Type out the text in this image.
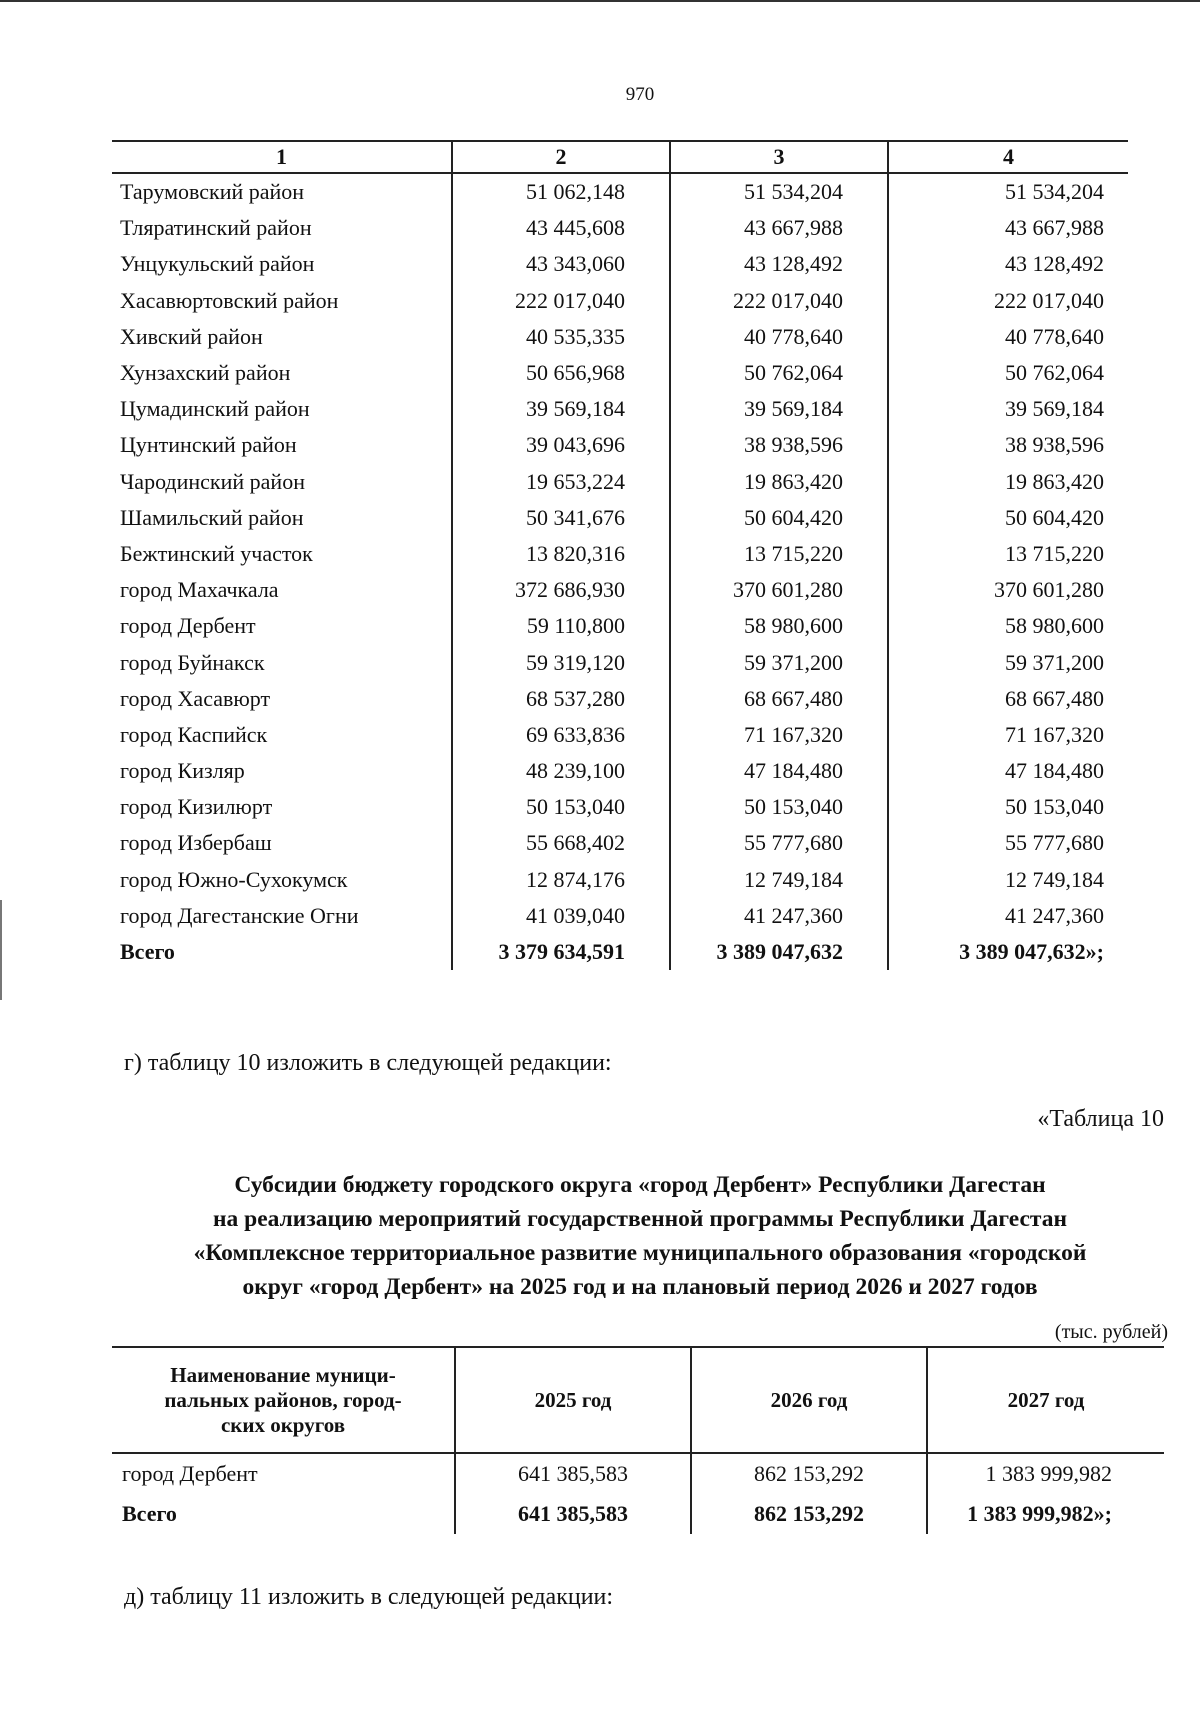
970
1	2	3	4
Тарумовский район	51 062,148	51 534,204	51 534,204
Тляратинский район	43 445,608	43 667,988	43 667,988
Унцукульский район	43 343,060	43 128,492	43 128,492
Хасавюртовский район	222 017,040	222 017,040	222 017,040
Хивский район	40 535,335	40 778,640	40 778,640
Хунзахский район	50 656,968	50 762,064	50 762,064
Цумадинский район	39 569,184	39 569,184	39 569,184
Цунтинский район	39 043,696	38 938,596	38 938,596
Чародинский район	19 653,224	19 863,420	19 863,420
Шамильский район	50 341,676	50 604,420	50 604,420
Бежтинский участок	13 820,316	13 715,220	13 715,220
город Махачкала	372 686,930	370 601,280	370 601,280
город Дербент	59 110,800	58 980,600	58 980,600
город Буйнакск	59 319,120	59 371,200	59 371,200
город Хасавюрт	68 537,280	68 667,480	68 667,480
город Каспийск	69 633,836	71 167,320	71 167,320
город Кизляр	48 239,100	47 184,480	47 184,480
город Кизилюрт	50 153,040	50 153,040	50 153,040
город Избербаш	55 668,402	55 777,680	55 777,680
город Южно-Сухокумск	12 874,176	12 749,184	12 749,184
город Дагестанские Огни	41 039,040	41 247,360	41 247,360
Всего	3 379 634,591	3 389 047,632	3 389 047,632»;
г) таблицу 10 изложить в следующей редакции:
«Таблица 10
Субсидии бюджету городского округа «город Дербент» Республики Дагестан
на реализацию мероприятий государственной программы Республики Дагестан
«Комплексное территориальное развитие муниципального образования «городской
округ «город Дербент» на 2025 год и на плановый период 2026 и 2027 годов
(тыс. рублей)
Наименование муници-
пальных районов, город-
ских округов	2025 год	2026 год	2027 год
город Дербент	641 385,583	862 153,292	1 383 999,982
Всего	641 385,583	862 153,292	1 383 999,982»;
д) таблицу 11 изложить в следующей редакции:
